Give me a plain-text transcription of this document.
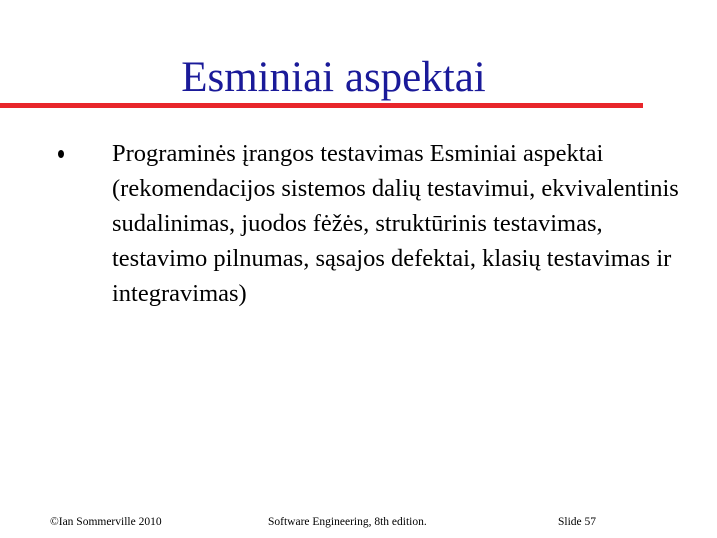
Esminiai aspektai
Programinės įrangos testavimas Esminiai aspektai (rekomendacijos sistemos dalių testavimui, ekvivalentinis sudalinimas, juodos fėžės, struktūrinis testavimas, testavimo pilnumas, sąsajos defektai, klasių testavimas ir integravimas)
©Ian Sommerville 2010	Software Engineering, 8th edition.	Slide 57
